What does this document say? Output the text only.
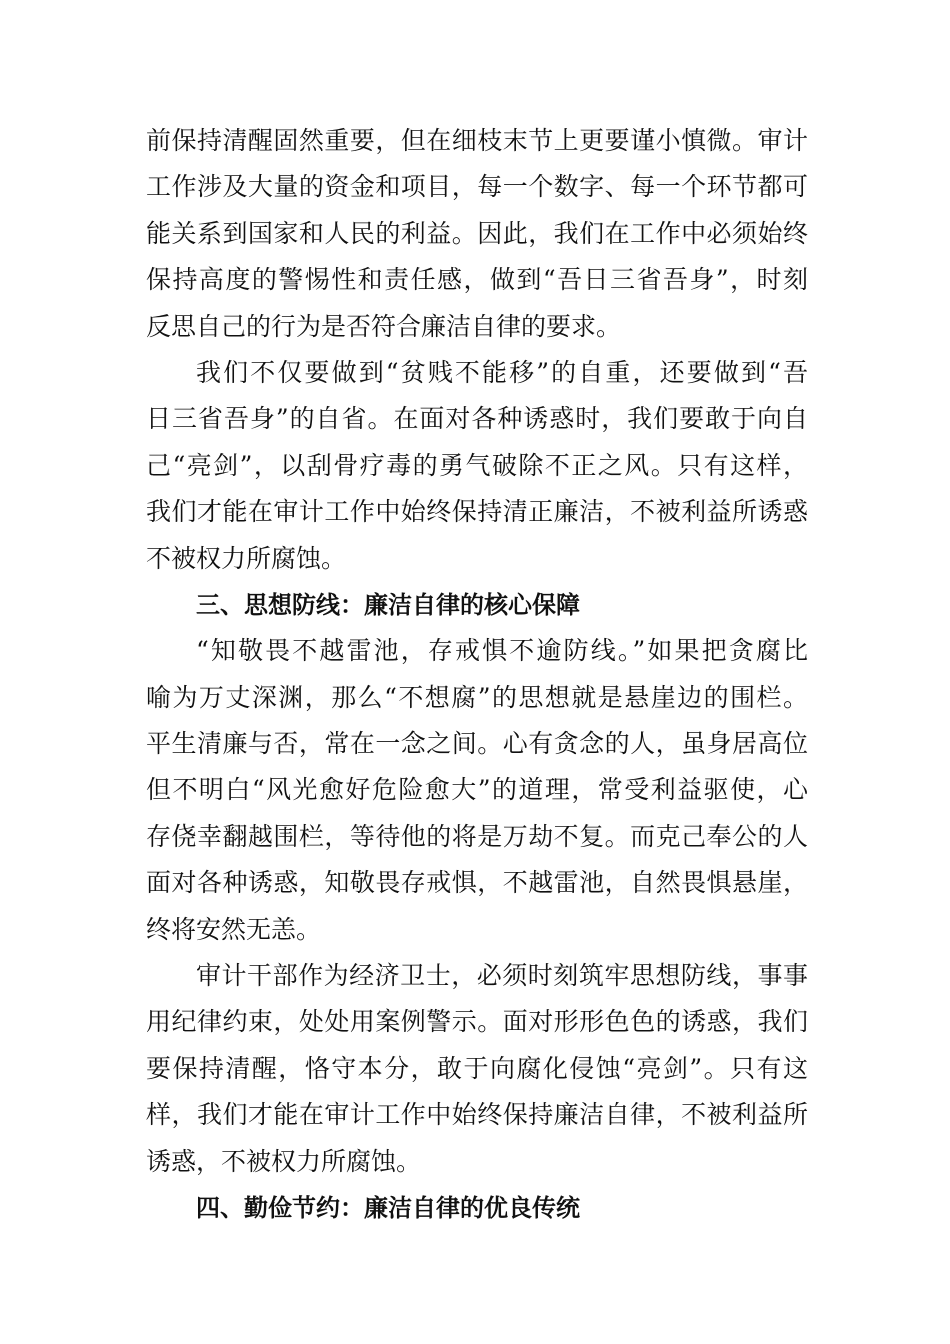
前保持清醒固然重要，但在细枝末节上更要谨小慎微。审计
工作涉及大量的资金和项目，每一个数字、每一个环节都可
能关系到国家和人民的利益。因此，我们在工作中必须始终
保持高度的警惕性和责任感，做到“吾日三省吾身”，时刻
反思自己的行为是否符合廉洁自律的要求。
我们不仅要做到“贫贱不能移”的自重，还要做到“吾
日三省吾身”的自省。在面对各种诱惑时，我们要敢于向自
己“亮剑”，以刮骨疗毒的勇气破除不正之风。只有这样，
我们才能在审计工作中始终保持清正廉洁，不被利益所诱惑
不被权力所腐蚀。
三、思想防线：廉洁自律的核心保障
“知敬畏不越雷池，存戒惧不逾防线。”如果把贪腐比
喻为万丈深渊，那么“不想腐”的思想就是悬崖边的围栏。
平生清廉与否，常在一念之间。心有贪念的人，虽身居高位
但不明白“风光愈好危险愈大”的道理，常受利益驱使，心
存侥幸翻越围栏，等待他的将是万劫不复。而克己奉公的人
面对各种诱惑，知敬畏存戒惧，不越雷池，自然畏惧悬崖，
终将安然无恙。
审计干部作为经济卫士，必须时刻筑牢思想防线，事事
用纪律约束，处处用案例警示。面对形形色色的诱惑，我们
要保持清醒，恪守本分，敢于向腐化侵蚀“亮剑”。只有这
样，我们才能在审计工作中始终保持廉洁自律，不被利益所
诱惑，不被权力所腐蚀。
四、勤俭节约：廉洁自律的优良传统
